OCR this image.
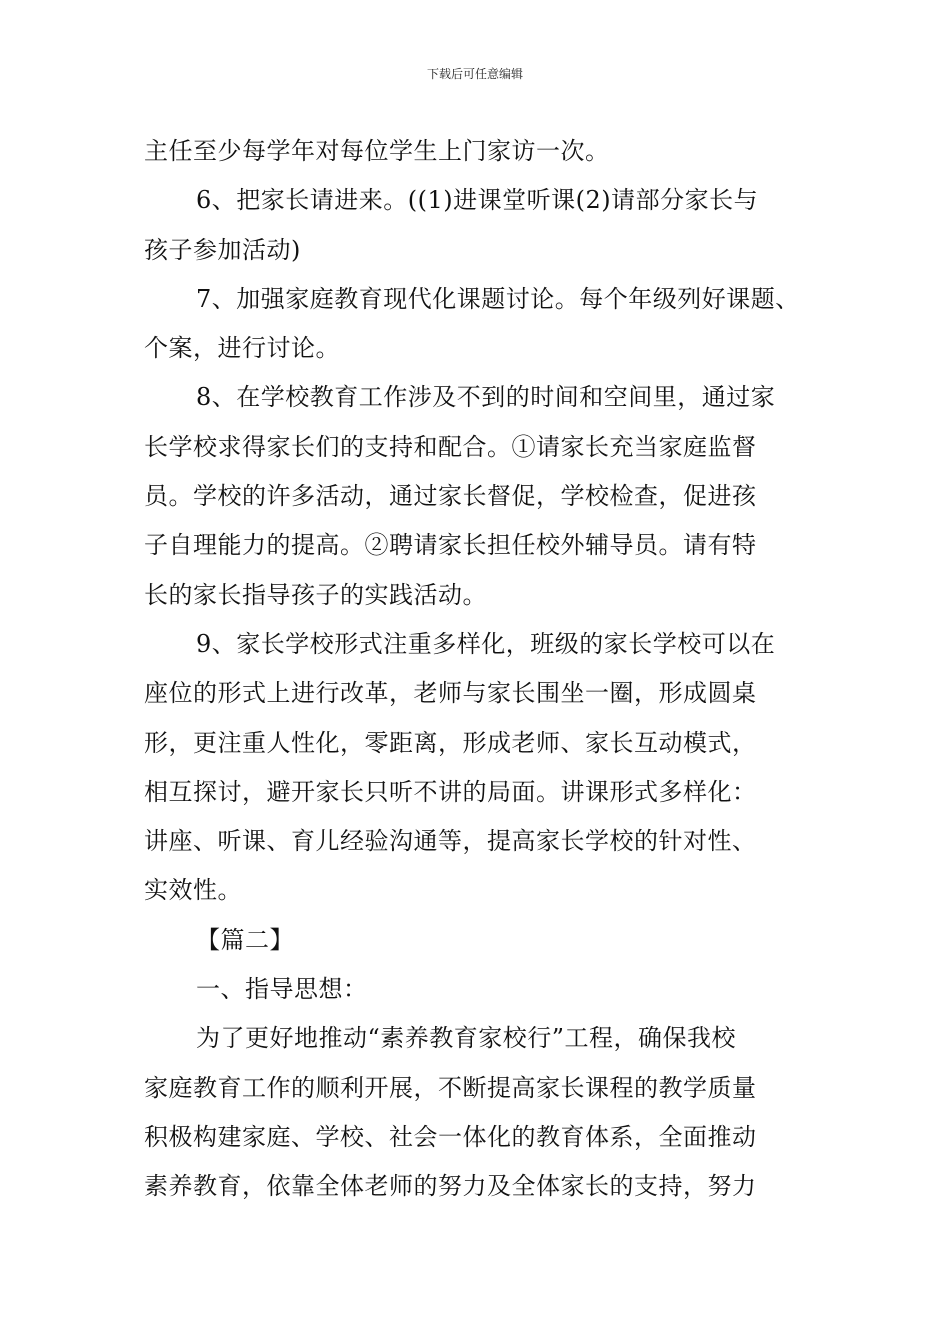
下载后可任意编辑
主任至少每学年对每位学生上门家访一次。
6、把家长请进来。((1)进课堂听课(2)请部分家长与
孩子参加活动)
7、加强家庭教育现代化课题讨论。每个年级列好课题、
个案，进行讨论。
8、在学校教育工作涉及不到的时间和空间里，通过家
长学校求得家长们的支持和配合。①请家长充当家庭监督
员。学校的许多活动，通过家长督促，学校检查，促进孩
子自理能力的提高。②聘请家长担任校外辅导员。请有特
长的家长指导孩子的实践活动。
9、家长学校形式注重多样化，班级的家长学校可以在
座位的形式上进行改革，老师与家长围坐一圈，形成圆桌
形，更注重人性化，零距离，形成老师、家长互动模式，
相互探讨，避开家长只听不讲的局面。讲课形式多样化：
讲座、听课、育儿经验沟通等，提高家长学校的针对性、
实效性。
【篇二】
一、指导思想：
为了更好地推动“素养教育家校行”工程，确保我校
家庭教育工作的顺利开展，不断提高家长课程的教学质量
积极构建家庭、学校、社会一体化的教育体系，全面推动
素养教育，依靠全体老师的努力及全体家长的支持，努力
